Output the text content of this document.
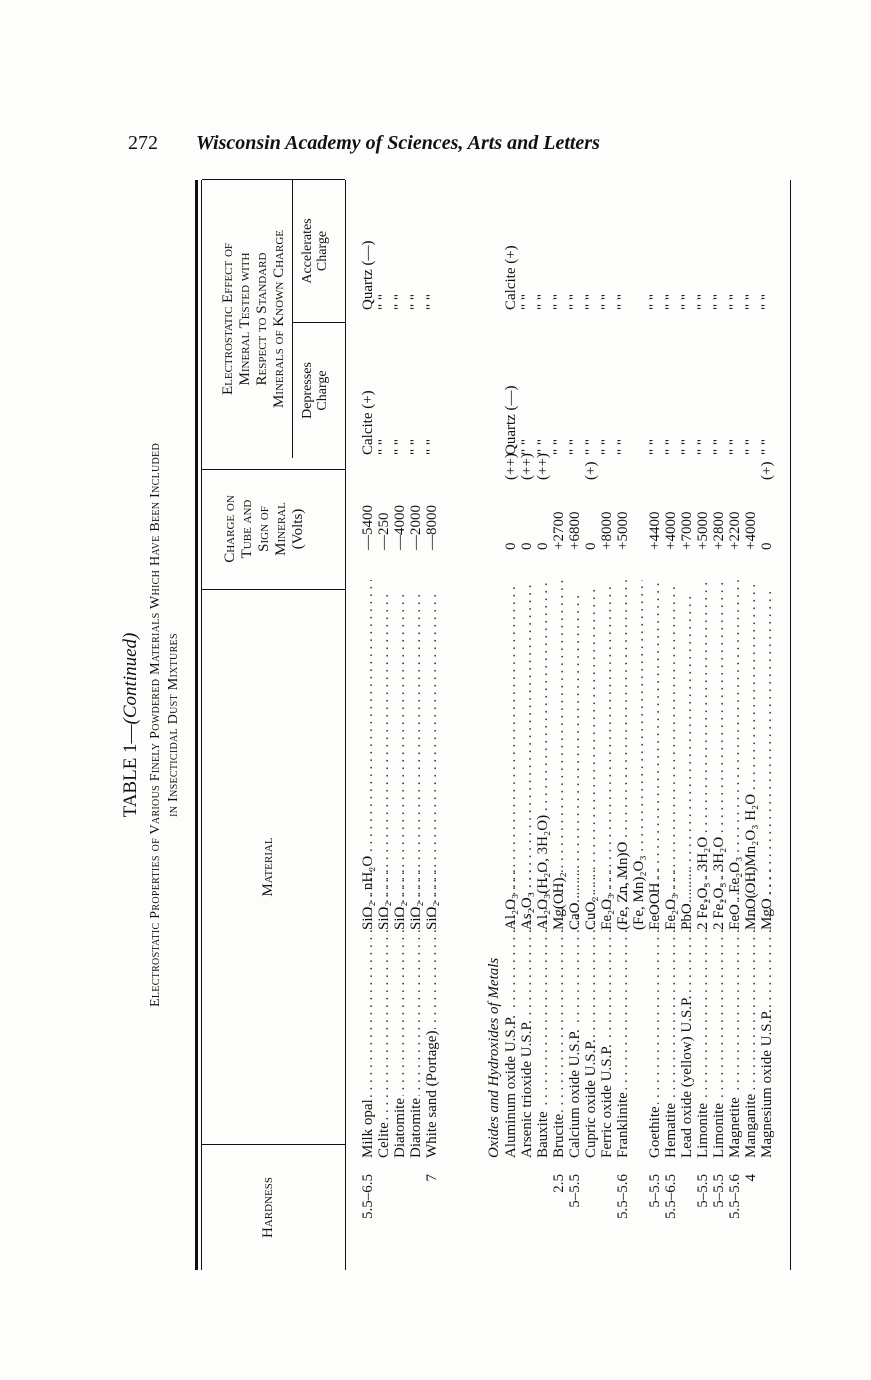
272 Wisconsin Academy of Sciences, Arts and Letters
TABLE 1—(Continued) Electrostatic Properties of Various Finely Powdered Materials Which Have Been Included in Insecticidal Dust Mixtures
Hardness
Material
Charge on Tube and Sign of Mineral (Volts)
Electrostatic Effect of Mineral Tested with Respect to Standard Minerals of Known Charge Depresses Charge
Accelerates Charge
5.5–6.5
Milk opal . . .
SiO₂ . nH₂O . . .
—5400
Calcite (+)
Quartz (—)
Celite . . .
SiO₂ . . .
—250
" "
" "
Diatomite . . .
SiO₂ . . .
—4000
" "
" "
Diatomite . . .
SiO₂ . . .
—2000
" "
" "
7
White sand (Portage) . . .
SiO₂ . . .
—8000
" "
" "
Aluminum oxide U.S.P. . . .
Al₂O₃ . . .
0
(++)
Quartz (—)
Calcite (+)
Arsenic trioxide U.S.P. . . .
As₂O₃ . . .
0
(++)
" "
" "
Bauxite . . .
Al₂O₃(H₂O, 3H₂O) . . .
0
(++)
" "
" "
2.5
Brucite . . .
Mg(OH)₂ . . .
+2700
" "
" "
5–5.5
Calcium oxide U.S.P. . . .
CaO . . .
+6800
" "
" "
Cupric oxide U.S.P. . . .
CuO₂ . . .
0
(+)
" "
" "
Ferric oxide U.S.P. . . .
Fe₂O₃ . . .
+8000
" "
" "
5.5–5.6
Franklinite . . .
(Fe, Zn, Mn)O . . .
+5000
" "
" "
(Fe, Mn)₂O₃ . . .
5–5.5
Goethite . . .
FeOOH . . .
+4400
" "
" "
5.5–6.5
Hematite . . .
Fe₂O₃ . . .
+4000
" "
" "
Lead oxide (yellow) U.S.P. . . .
PbO . . .
+7000
" "
" "
5–5.5
Limonite . . .
2 Fe₂O₃ . 3H₂O . . .
+5000
" "
" "
5–5.5
Limonite . . .
2 Fe₂O₃ . 3H₂O . . .
+2800
" "
" "
5.5–5.6
Magnetite . . .
FeO . Fe₂O₃ . . .
+2200
" "
" "
4
Manganite . . .
MnO(OH)Mn₂O₃ H₂O . . .
+4000
" "
" "
Magnesium oxide U.S.P. . . .
MgO . . .
0
(+)
" "
" "
Oxides and Hydroxides of Metals
